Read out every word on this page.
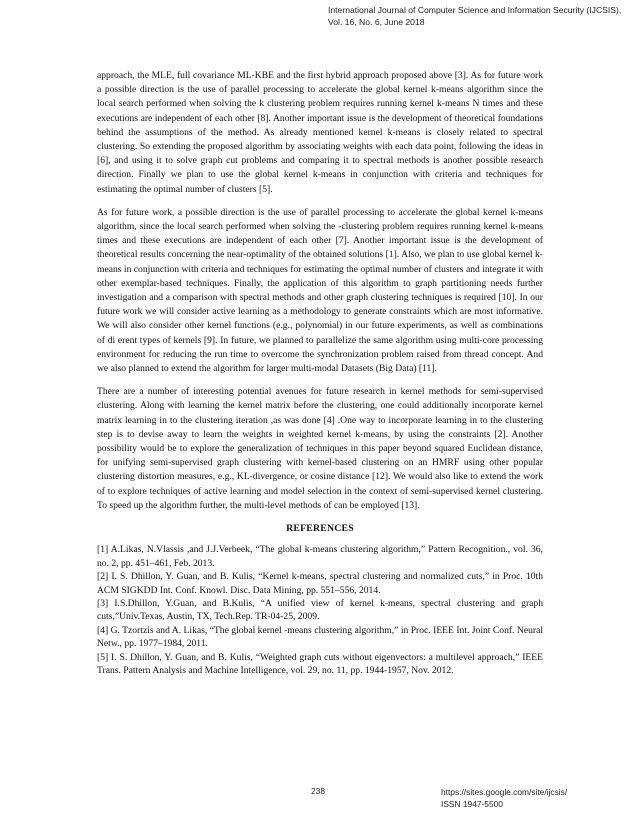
International Journal of Computer Science and Information Security (IJCSIS),
Vol. 16, No. 6, June 2018

approach, the MLE, full covariance ML-KBE and the first hybrid approach proposed above [3]. As for future work a possible direction is the use of parallel processing to accelerate the global kernel k-means algorithm since the local search performed when solving the k clustering problem requires running kernel k-means N times and these executions are independent of each other [8]. Another important issue is the development of theoretical foundations behind the assumptions of the method. As already mentioned kernel k-means is closely related to spectral clustering. So extending the proposed algorithm by associating weights with each data point, following the ideas in [6], and using it to solve graph cut problems and comparing it to spectral methods is another possible research direction. Finally we plan to use the global kernel k-means in conjunction with criteria and techniques for estimating the optimal number of clusters [5].

As for future work, a possible direction is the use of parallel processing to accelerate the global kernel k-means algorithm, since the local search performed when solving the -clustering problem requires running kernel k-means times and these executions are independent of each other [7]. Another important issue is the development of theoretical results concerning the near-optimality of the obtained solutions [1]. Also, we plan to use global kernel k-means in conjunction with criteria and techniques for estimating the optimal number of clusters and integrate it with other exemplar-based techniques. Finally, the application of this algorithm to graph partitioning needs further investigation and a comparison with spectral methods and other graph clustering techniques is required [10]. In our future work we will consider active learning as a methodology to generate constraints which are most informative. We will also consider other kernel functions (e.g., polynomial) in our future experiments, as well as combinations of di erent types of kernels [9]. In future, we planned to parallelize the same algorithm using multi-core processing environment for reducing the run time to overcome the synchronization problem raised from thread concept. And we also planned to extend the algorithm for larger multi-modal Datasets (Big Data) [11].

There are a number of interesting potential avenues for future research in kernel methods for semi-supervised clustering. Along with learning the kernel matrix before the clustering, one could additionally incorporate kernel matrix learning in to the clustering iteration ,as was done [4] .One way to incorporate learning in to the clustering step is to devise away to learn the weights in weighted kernel k-means, by using the constraints [2]. Another possibility would be to explore the generalization of techniques in this paper beyond squared Euclidean distance, for unifying semi-supervised graph clustering with kernel-based clustering on an HMRF using other popular clustering distortion measures, e.g., KL-divergence, or cosine distance [12]. We would also like to extend the work of to explore techniques of active learning and model selection in the context of semi-supervised kernel clustering. To speed up the algorithm further, the multi-level methods of can be employed [13].

REFERENCES
[1] A.Likas, N.Vlassis ,and J.J.Verbeek, “The global k-means clustering algorithm,” Pattern Recognition., vol. 36, no. 2, pp. 451–461, Feb. 2013.
[2] I. S. Dhillon, Y. Guan, and B. Kulis, “Kernel k-means, spectral clustering and normalized cuts,” in Proc. 10th ACM SIGKDD Int. Conf. Knowl. Disc. Data Mining, pp. 551–556, 2014.
[3] I.S.Dhillon, Y.Guan, and B.Kulis, “A unified view of kernel k-means, spectral clustering and graph cuts,”Univ.Texas, Austin, TX, Tech.Rep. TR-04-25, 2009.
[4] G. Tzortzis and A. Likas, “The global kernel -means clustering algorithm,” in Proc. IEEE Int. Joint Conf. Neural Netw., pp. 1977–1984, 2011.
[5] I. S. Dhillon, Y. Guan, and B. Kulis, “Weighted graph cuts without eigenvectors: a multilevel approach,” IEEE Trans. Pattern Analysis and Machine Intelligence, vol. 29, no. 11, pp. 1944-1957, Nov. 2012.
238	https://sites.google.com/site/ijcsis/
ISSN 1947-5500
